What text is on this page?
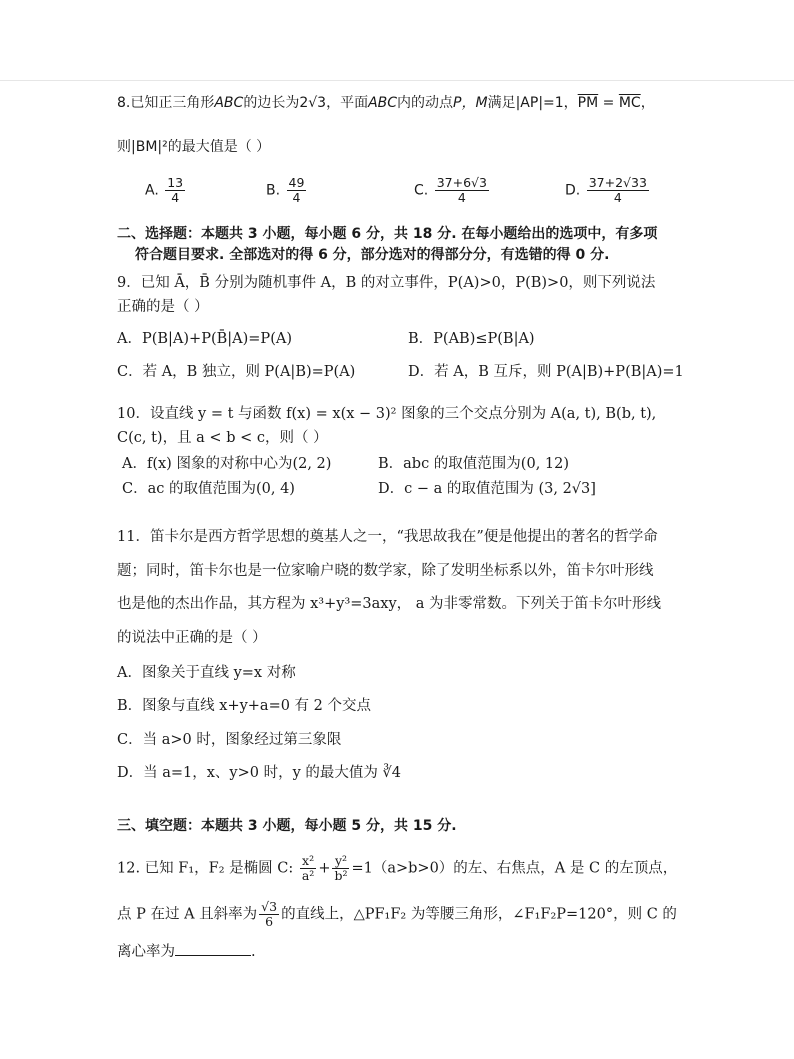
8.已知正三角形ABC的边长为2√3，平面ABC内的动点P，M满足|AP|=1，$\overline{PM} = \overline{MC}$，
则|BM|²的最大值是（ ）
A. $\frac{13}{4}$	B. $\frac{49}{4}$	C. $\frac{37+6√3}{4}$	D. $\frac{37+2√33}{4}$
二、选择题：本题共 3 小题，每小题 6 分，共 18 分. 在每小题给出的选项中，有多项
符合题目要求. 全部选对的得 6 分，部分选对的得部分分，有选错的得 0 分.
9．已知 Ā，B̄ 分别为随机事件 A，B 的对立事件，P(A)>0，P(B)>0，则下列说法
正确的是（ ）
A．P(B|A)+P(B̄|A)=P(A)	B．P(AB)≤P(B|A)
C．若 A，B 独立，则 P(A|B)=P(A)	D．若 A，B 互斥，则 P(A|B)+P(B|A)=1
10．设直线 y = t 与函数 f(x) = x(x − 3)² 图象的三个交点分别为 A(a, t), B(b, t),
C(c, t)，且 a < b < c，则（ ）
A．f(x) 图象的对称中心为(2, 2)	B．abc 的取值范围为(0, 12)
C．ac 的取值范围为(0, 4)	D．c − a 的取值范围为 (3, 2√3]
11．笛卡尔是西方哲学思想的奠基人之一，“我思故我在”便是他提出的著名的哲学命
题；同时，笛卡尔也是一位家喻户晓的数学家，除了发明坐标系以外，笛卡尔叶形线
也是他的杰出作品，其方程为 x³+y³=3axy， a 为非零常数。下列关于笛卡尔叶形线
的说法中正确的是（ ）
A．图象关于直线 y=x 对称
B．图象与直线 x+y+a=0 有 2 个交点
C．当 a>0 时，图象经过第三象限
D．当 a=1，x、y>0 时，y 的最大值为 ∛4
三、填空题：本题共 3 小题，每小题 5 分，共 15 分.
12. 已知 F₁，F₂ 是椭圆 C: $\frac{\text{x²}}{\text{a²}} + \frac{\text{y²}}{\text{b²}} =1(a>b>0)$的左、右焦点，A 是 C 的左顶点，
点 P 在过 A 且斜率为 $\frac{√3}{6}$ 的直线上，△PF₁F₂ 为等腰三角形，∠F₁F₂P=120°，则 C 的
离心率为	.
